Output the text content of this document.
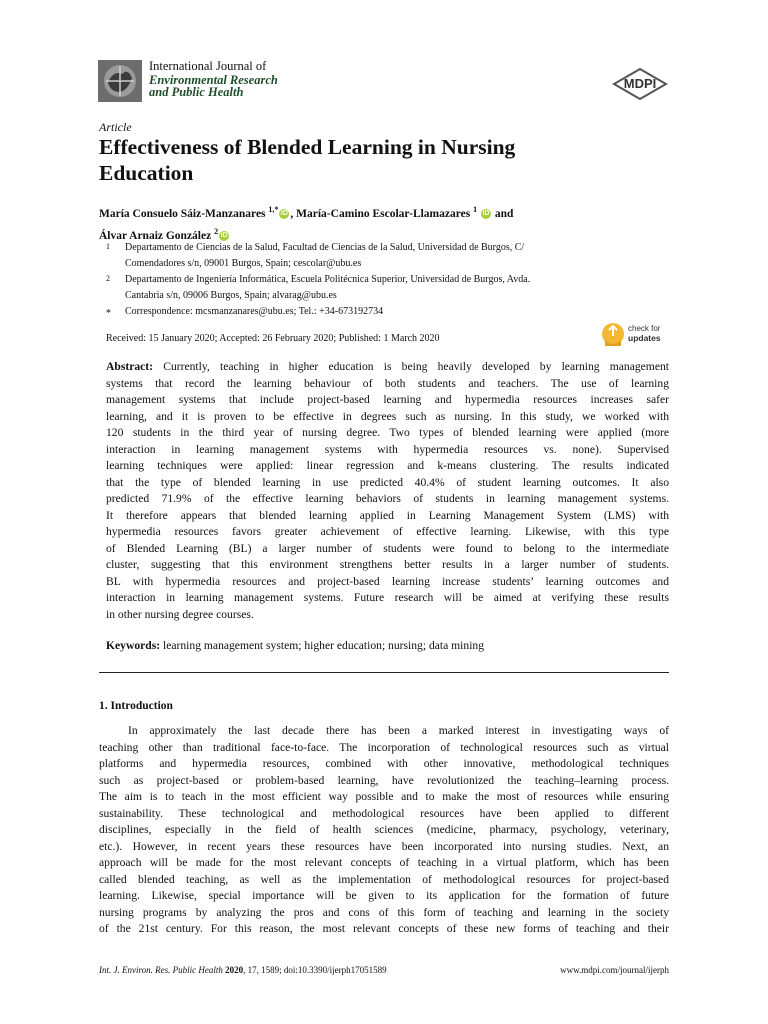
International Journal of
Environmental Research
and Public Health
MDPI
Article
Effectiveness of Blended Learning in Nursing
Education
María Consuelo Sáiz-Manzanares $^{1,*}$ iD , María-Camino Escolar-Llamazares $^1$ iD and
Álvar Arnaiz González $^2$ iD
1 Departamento de Ciencias de la Salud, Facultad de Ciencias de la Salud, Universidad de Burgos, C/
Comendadores s/n, 09001 Burgos, Spain; cescolar@ubu.es
2 Departamento de Ingeniería Informática, Escuela Politécnica Superior, Universidad de Burgos, Avda.
Cantabria s/n, 09006 Burgos, Spain; alvarag@ubu.es
* Correspondence: mcsmanzanares@ubu.es; Tel.: +34-673192734
Received: 15 January 2020; Accepted: 26 February 2020; Published: 1 March 2020
check for
updates
Abstract: Currently, teaching in higher education is being heavily developed by learning management
systems that record the learning behaviour of both students and teachers. The use of learning
management systems that include project-based learning and hypermedia resources increases safer
learning, and it is proven to be effective in degrees such as nursing. In this study, we worked with
120 students in the third year of nursing degree. Two types of blended learning were applied (more
interaction in learning management systems with hypermedia resources vs. none). Supervised
learning techniques were applied: linear regression and k-means clustering. The results indicated
that the type of blended learning in use predicted 40.4% of student learning outcomes. It also
predicted 71.9% of the effective learning behaviors of students in learning management systems.
It therefore appears that blended learning applied in Learning Management System (LMS) with
hypermedia resources favors greater achievement of effective learning. Likewise, with this type
of Blended Learning (BL) a larger number of students were found to belong to the intermediate
cluster, suggesting that this environment strengthens better results in a larger number of students.
BL with hypermedia resources and project-based learning increase students’ learning outcomes and
interaction in learning management systems. Future research will be aimed at verifying these results
in other nursing degree courses.
Keywords: learning management system; higher education; nursing; data mining
1. Introduction
In approximately the last decade there has been a marked interest in investigating ways of
teaching other than traditional face-to-face. The incorporation of technological resources such as virtual
platforms and hypermedia resources, combined with other innovative, methodological techniques
such as project-based or problem-based learning, have revolutionized the teaching–learning process.
The aim is to teach in the most efficient way possible and to make the most of resources while ensuring
sustainability. These technological and methodological resources have been applied to different
disciplines, especially in the field of health sciences (medicine, pharmacy, psychology, veterinary,
etc.). However, in recent years these resources have been incorporated into nursing studies. Next, an
approach will be made for the most relevant concepts of teaching in a virtual platform, which has been
called blended teaching, as well as the implementation of methodological resources for project-based
learning. Likewise, special importance will be given to its application for the formation of future
nursing programs by analyzing the pros and cons of this form of teaching and learning in the society
of the 21st century. For this reason, the most relevant concepts of these new forms of teaching and their
Int. J. Environ. Res. Public Health 2020, 17, 1589; doi:10.3390/ijerph17051589	www.mdpi.com/journal/ijerph
